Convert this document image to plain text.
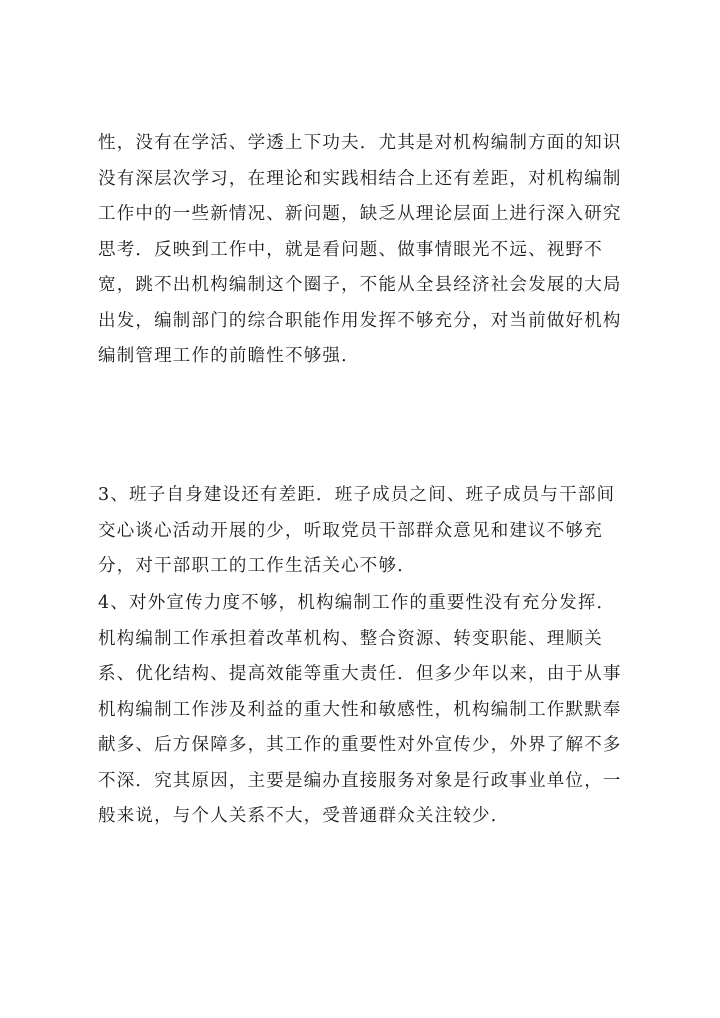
性，没有在学活、学透上下功夫．尤其是对机构编制方面的知识
没有深层次学习，在理论和实践相结合上还有差距，对机构编制
工作中的一些新情况、新问题，缺乏从理论层面上进行深入研究
思考．反映到工作中，就是看问题、做事情眼光不远、视野不
宽，跳不出机构编制这个圈子，不能从全县经济社会发展的大局
出发，编制部门的综合职能作用发挥不够充分，对当前做好机构
编制管理工作的前瞻性不够强．
3、班子自身建设还有差距．班子成员之间、班子成员与干部间
交心谈心活动开展的少，听取党员干部群众意见和建议不够充
分，对干部职工的工作生活关心不够．
4、对外宣传力度不够，机构编制工作的重要性没有充分发挥．
机构编制工作承担着改革机构、整合资源、转变职能、理顺关
系、优化结构、提高效能等重大责任．但多少年以来，由于从事
机构编制工作涉及利益的重大性和敏感性，机构编制工作默默奉
献多、后方保障多，其工作的重要性对外宣传少，外界了解不多
不深．究其原因，主要是编办直接服务对象是行政事业单位，一
般来说，与个人关系不大，受普通群众关注较少．
